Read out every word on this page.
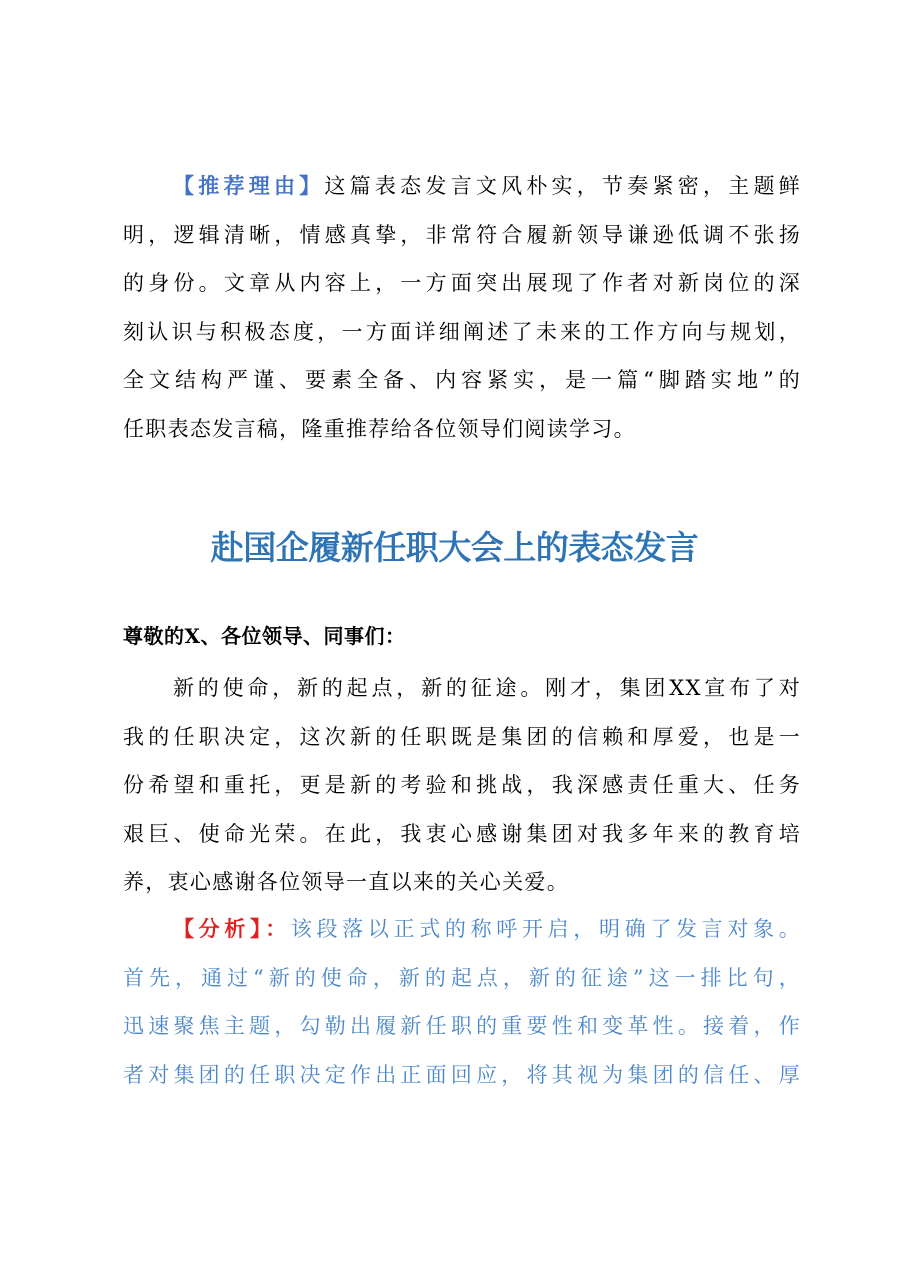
【推荐理由】这篇表态发言文风朴实，节奏紧密，主题鲜
明，逻辑清晰，情感真挚，非常符合履新领导谦逊低调不张扬
的身份。文章从内容上，一方面突出展现了作者对新岗位的深
刻认识与积极态度，一方面详细阐述了未来的工作方向与规划，
全文结构严谨、要素全备、内容紧实，是一篇“脚踏实地”的
任职表态发言稿，隆重推荐给各位领导们阅读学习。
赴国企履新任职大会上的表态发言

尊敬的X、各位领导、同事们：

新的使命，新的起点，新的征途。刚才，集团XX宣布了对
我的任职决定，这次新的任职既是集团的信赖和厚爱，也是一
份希望和重托，更是新的考验和挑战，我深感责任重大、任务
艰巨、使命光荣。在此，我衷心感谢集团对我多年来的教育培
养，衷心感谢各位领导一直以来的关心关爱。
【分析】：该段落以正式的称呼开启，明确了发言对象。
首先，通过“新的使命，新的起点，新的征途”这一排比句，
迅速聚焦主题，勾勒出履新任职的重要性和变革性。接着，作
者对集团的任职决定作出正面回应，将其视为集团的信任、厚
